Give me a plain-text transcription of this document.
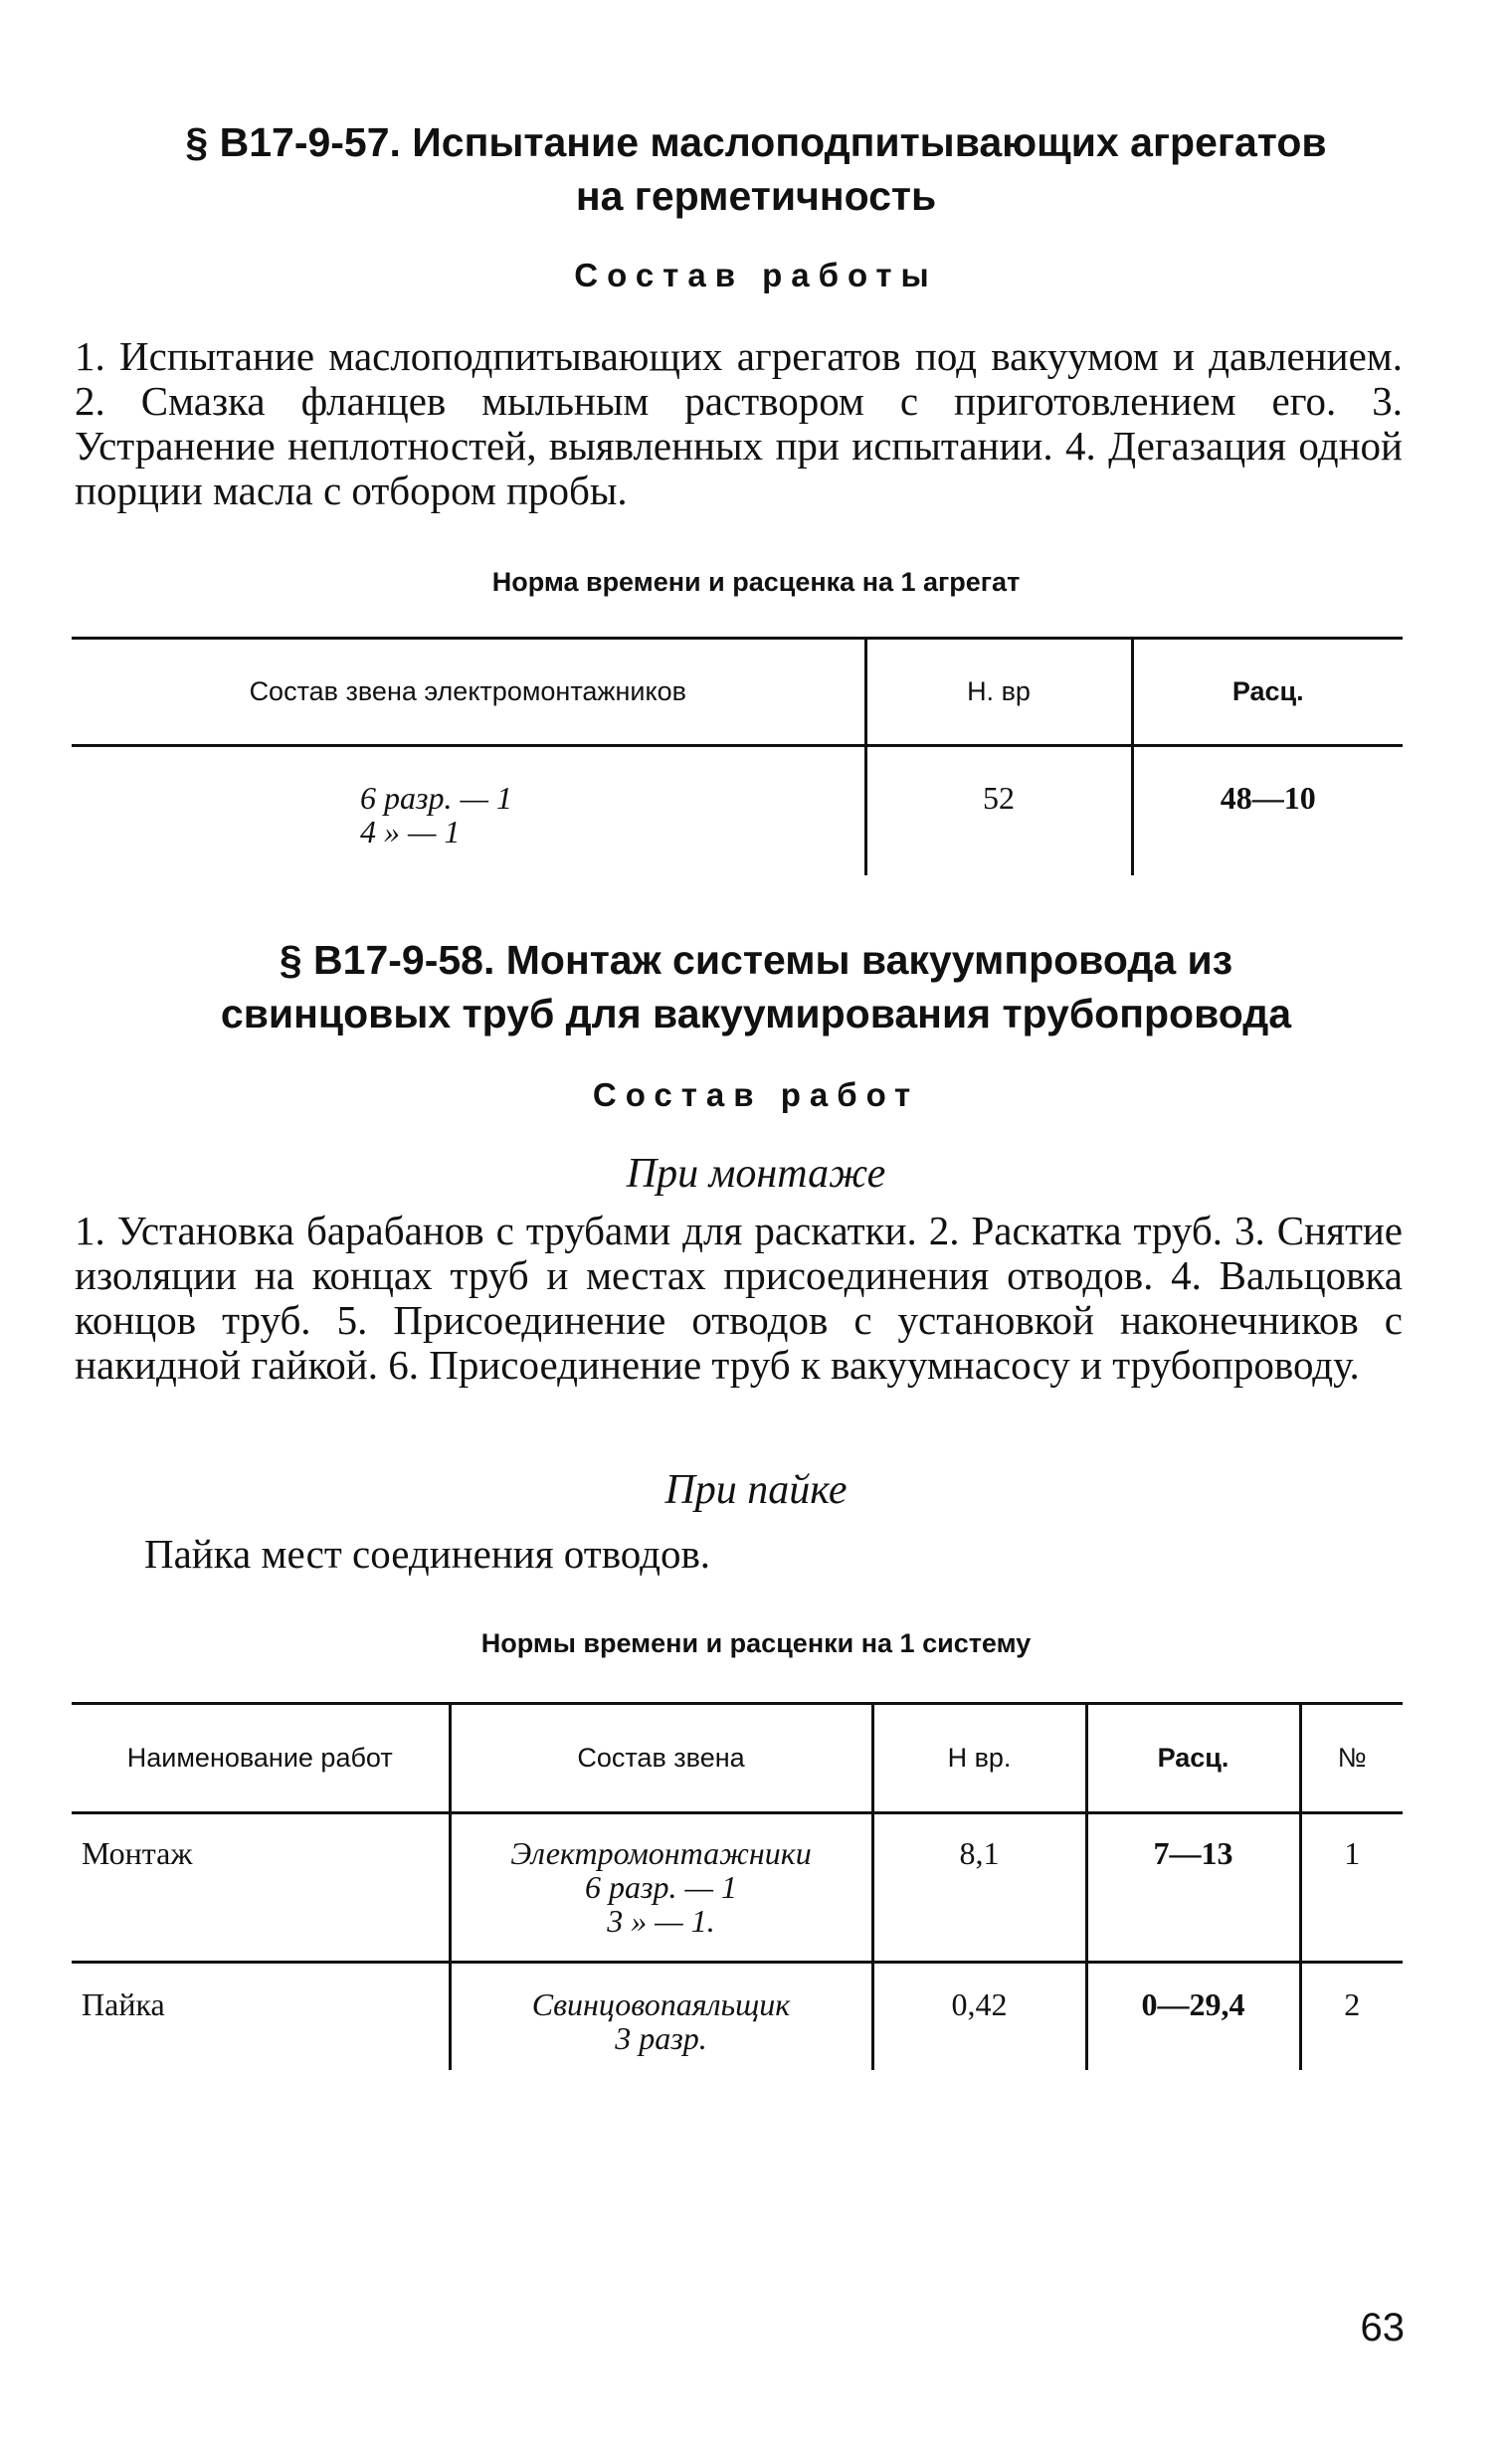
§ В17-9-57. Испытание маслоподпитывающих агрегатов
на герметичность

Состав работы

1. Испытание маслоподпитывающих агрегатов под вакуумом и давлением. 2. Смазка фланцев мыльным раствором с приготовлением его. 3. Устранение неплотностей, выявленных при испытании. 4. Дегазация одной порции масла с отбором пробы.

Норма времени и расценка на 1 агрегат

Состав звена электромонтажников	Н. вр	Расц.

6 разр. — 1
4 » — 1	52	48—10
§ В17-9-58. Монтаж системы вакуумпровода из
свинцовых труб для вакуумирования трубопровода

Состав работ

При монтаже

1. Установка барабанов с трубами для раскатки. 2. Раскатка труб. 3. Снятие изоляции на концах труб и местах присоединения отводов. 4. Вальцовка концов труб. 5. Присоединение отводов с установкой наконечников с накидной гайкой. 6. Присоединение труб к вакуумнасосу и трубопроводу.

При пайке

Пайка мест соединения отводов.

Нормы времени и расценки на 1 систему

Наименование работ	Состав звена	Н вр.	Расц.	№
Монтаж	Электромонтажники
6 разр. — 1
3 » — 1.	8,1	7—13	1
Пайка	Свинцовопаяльщик
3 разр.	0,42	0—29,4	2

63
